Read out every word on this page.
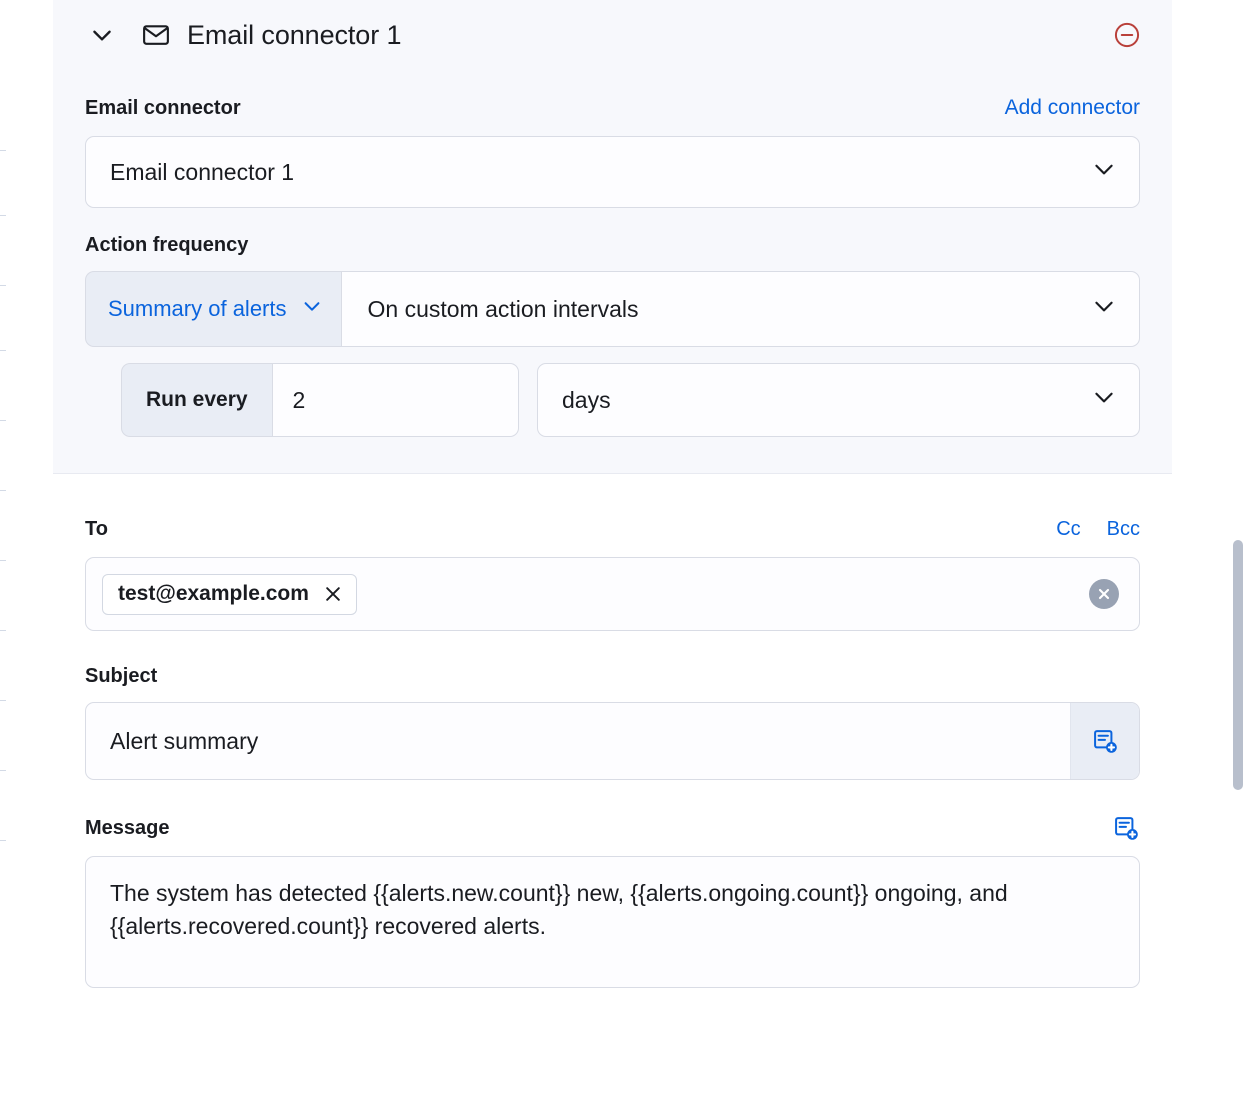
Email connector 1
Email connector	Add connector
Email connector 1
Action frequency
Summary of alerts	On custom action intervals
Run every	2	days
To	Cc Bcc
test@example.com
Subject
Alert summary
Message
The system has detected {{alerts.new.count}} new, {{alerts.ongoing.count}} ongoing, and {{alerts.recovered.count}} recovered alerts.
